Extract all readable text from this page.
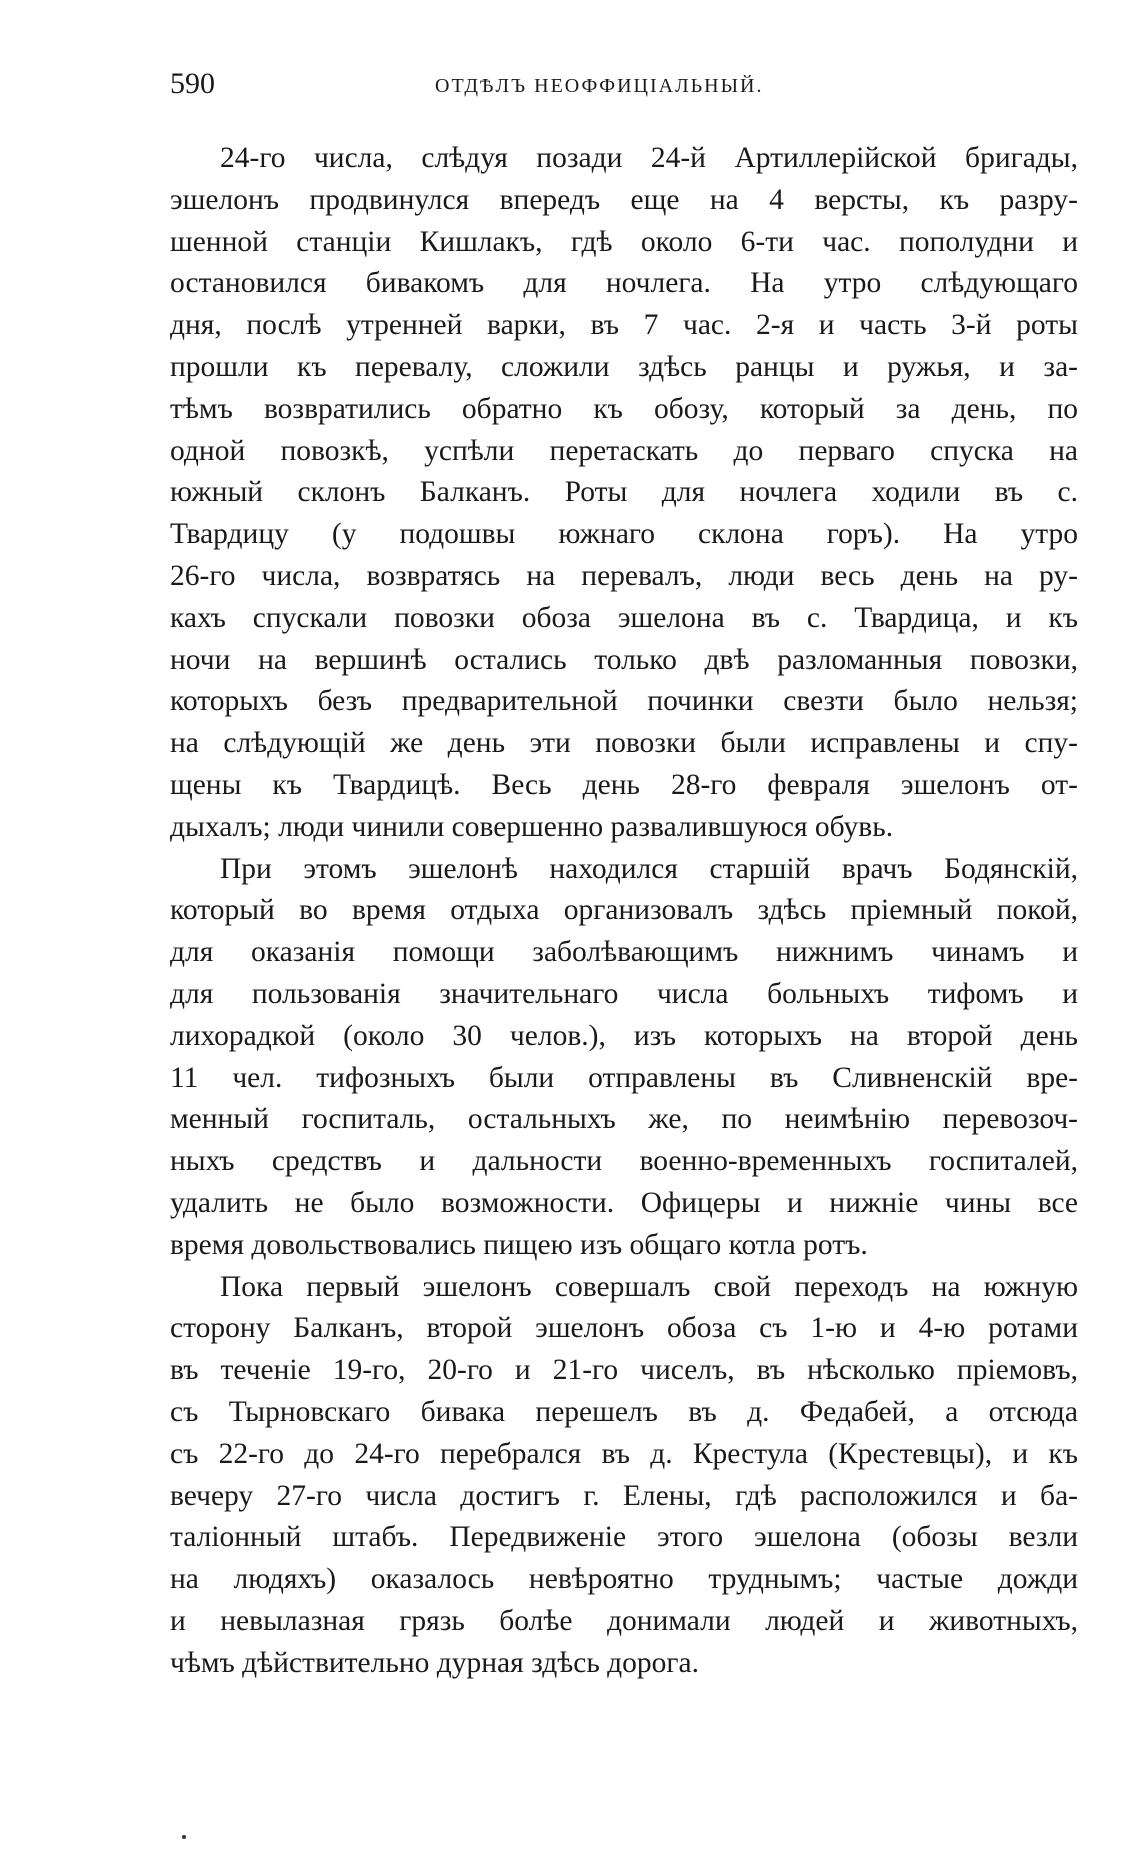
590	ОТДѢЛЪ НЕОФФИЦІАЛЬНЫЙ.
24-го числа, слѣдуя позади 24-й Артиллерійской бригады,
эшелонъ продвинулся впередъ еще на 4 версты, къ разру-
шенной станціи Кишлакъ, гдѣ около 6-ти час. пополудни и
остановился бивакомъ для ночлега. На утро слѣдующаго
дня, послѣ утренней варки, въ 7 час. 2-я и часть 3-й роты
прошли къ перевалу, сложили здѣсь ранцы и ружья, и за-
тѣмъ возвратились обратно къ обозу, который за день, по
одной повозкѣ, успѣли перетаскать до перваго спуска на
южный склонъ Балканъ. Роты для ночлега ходили въ с.
Твардицу (у подошвы южнаго склона горъ). На утро
26-го числа, возвратясь на перевалъ, люди весь день на ру-
кахъ спускали повозки обоза эшелона въ с. Твардица, и къ
ночи на вершинѣ остались только двѣ разломанныя повозки,
которыхъ безъ предварительной починки свезти было нельзя;
на слѣдующій же день эти повозки были исправлены и спу-
щены къ Твардицѣ. Весь день 28-го февраля эшелонъ от-
дыхалъ; люди чинили совершенно развалившуюся обувь.
При этомъ эшелонѣ находился старшій врачъ Бодянскій,
который во время отдыха организовалъ здѣсь пріемный покой,
для оказанія помощи заболѣвающимъ нижнимъ чинамъ и
для пользованія значительнаго числа больныхъ тифомъ и
лихорадкой (около 30 челов.), изъ которыхъ на второй день
11 чел. тифозныхъ были отправлены въ Сливненскій вре-
менный госпиталь, остальныхъ же, по неимѣнію перевозоч-
ныхъ средствъ и дальности военно-временныхъ госпиталей,
удалить не было возможности. Офицеры и нижніе чины все
время довольствовались пищею изъ общаго котла ротъ.
Пока первый эшелонъ совершалъ свой переходъ на южную
сторону Балканъ, второй эшелонъ обоза съ 1-ю и 4-ю ротами
въ теченіе 19-го, 20-го и 21-го чиселъ, въ нѣсколько пріемовъ,
съ Тырновскаго бивака перешелъ въ д. Федабей, а отсюда
съ 22-го до 24-го перебрался въ д. Крестула (Крестевцы), и къ
вечеру 27-го числа достигъ г. Елены, гдѣ расположился и ба-
таліонный штабъ. Передвиженіе этого эшелона (обозы везли
на людяхъ) оказалось невѣроятно труднымъ; частые дожди
и невылазная грязь болѣе донимали людей и животныхъ,
чѣмъ дѣйствительно дурная здѣсь дорога.
